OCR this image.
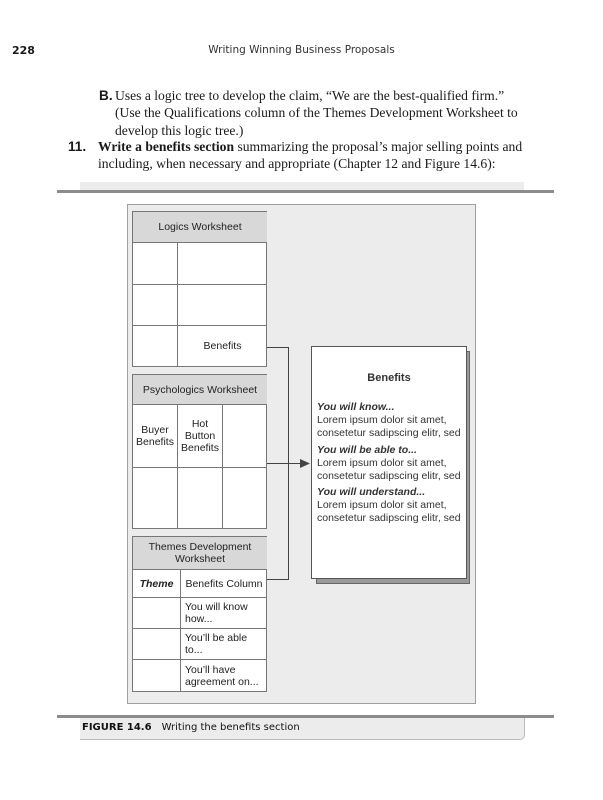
228	Writing Winning Business Proposals
B. Uses a logic tree to develop the claim, “We are the best-qualified firm.”
(Use the Qualifications column of the Themes Development Worksheet to
develop this logic tree.)
11. Write a benefits section summarizing the proposal’s major selling points and
including, when necessary and appropriate (Chapter 12 and Figure 14.6):
Logics Worksheet
Benefits
Psychologics Worksheet
Buyer Benefits
Hot Button Benefits
Themes Development Worksheet
Theme	Benefits Column
You will know how...
You’ll be able to...
You’ll have agreement on...
Benefits
You will know...
Lorem ipsum dolor sit amet, consetetur sadipscing elitr, sed
You will be able to...
Lorem ipsum dolor sit amet, consetetur sadipscing elitr, sed
You will understand...
Lorem ipsum dolor sit amet, consetetur sadipscing elitr, sed
FIGURE 14.6 Writing the benefits section
